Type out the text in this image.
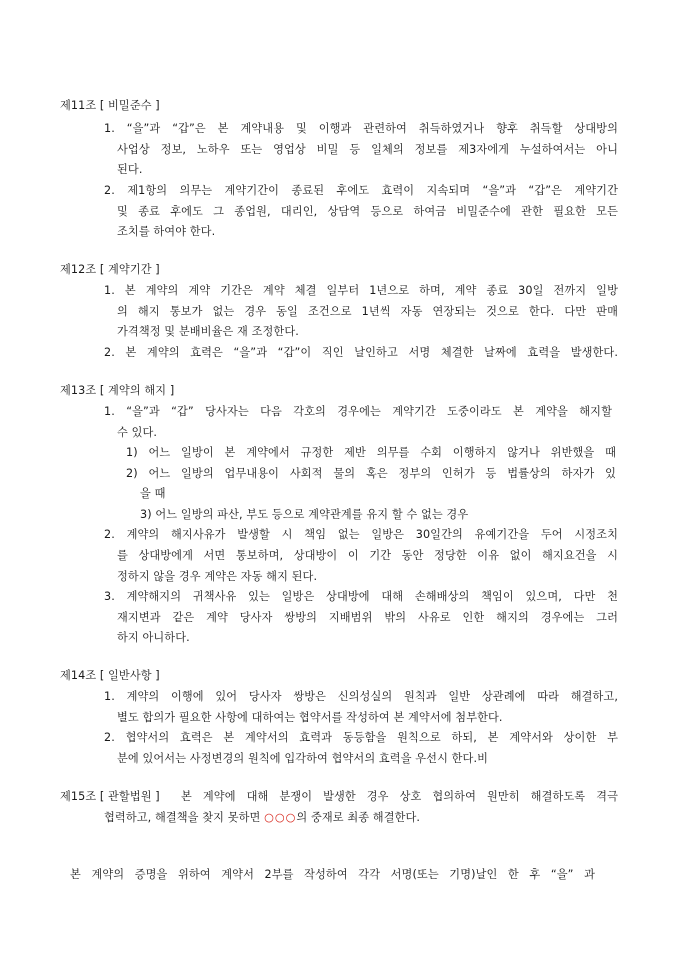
제11조 [ 비밀준수 ]
1. “을”과 “갑”은 본 계약내용 및 이행과 관련하여 취득하였거나 향후 취득할 상대방의
사업상 정보, 노하우 또는 영업상 비밀 등 일체의 정보를 제3자에게 누설하여서는 아니
된다.
2. 제1항의 의무는 계약기간이 종료된 후에도 효력이 지속되며 “을”과 “갑”은 계약기간
및 종료 후에도 그 종업원, 대리인, 상담역 등으로 하여금 비밀준수에 관한 필요한 모든
조치를 하여야 한다.
제12조 [ 계약기간 ]
1. 본 계약의 계약 기간은 계약 체결 일부터 1년으로 하며, 계약 종료 30일 전까지 일방
의 해지 통보가 없는 경우 동일 조건으로 1년씩 자동 연장되는 것으로 한다. 다만 판매
가격책정 및 분배비율은 재 조정한다.
2. 본 계약의 효력은 “을”과 “갑”이 직인 날인하고 서명 체결한 날짜에 효력을 발생한다.
제13조 [ 계약의 해지 ]
1. “을”과 “갑” 당사자는 다음 각호의 경우에는 계약기간 도중이라도 본 계약을 해지할
수 있다.
1) 어느 일방이 본 계약에서 규정한 제반 의무를 수회 이행하지 않거나 위반했을 때
2) 어느 일방의 업무내용이 사회적 물의 혹은 정부의 인허가 등 법률상의 하자가 있
을 때
3) 어느 일방의 파산, 부도 등으로 계약관계를 유지 할 수 없는 경우
2. 계약의 해지사유가 발생할 시 책임 없는 일방은 30일간의 유예기간을 두어 시정조치
를 상대방에게 서면 통보하며, 상대방이 이 기간 동안 정당한 이유 없이 해지요건을 시
정하지 않을 경우 계약은 자동 해지 된다.
3. 계약해지의 귀책사유 있는 일방은 상대방에 대해 손해배상의 책임이 있으며, 다만 천
재지변과 같은 계약 당사자 쌍방의 지배범위 밖의 사유로 인한 해지의 경우에는 그러
하지 아니하다.
제14조 [ 일반사항 ]
1. 계약의 이행에 있어 당사자 쌍방은 신의성실의 원칙과 일반 상관례에 따라 해결하고,
별도 합의가 필요한 사항에 대하여는 협약서를 작성하여 본 계약서에 첨부한다.
2. 협약서의 효력은 본 계약서의 효력과 동등함을 원칙으로 하되, 본 계약서와 상이한 부
분에 있어서는 사정변경의 원칙에 입각하여 협약서의 효력을 우선시 한다.비
제15조 [ 관할법원 ] 본 계약에 대해 분쟁이 발생한 경우 상호 협의하여 원만히 해결하도록 격극
협력하고, 해결책을 찾지 못하면 ○○○의 중재로 최종 해결한다.
본 계약의 증명을 위하여 계약서 2부를 작성하여 각각 서명(또는 기명)날인 한 후 “을” 과
